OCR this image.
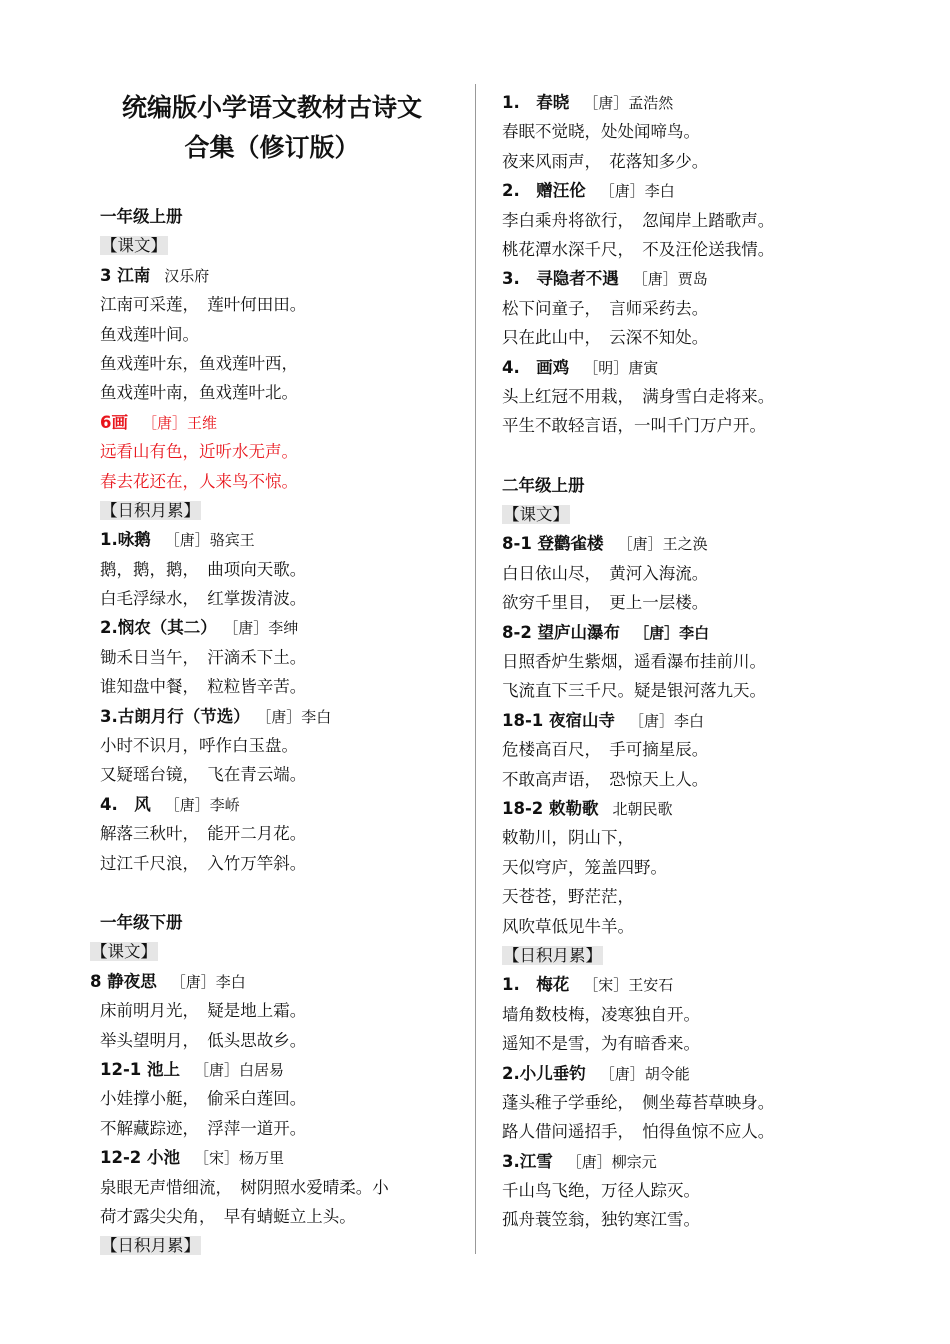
统编版小学语文教材古诗文
合集（修订版）
一年级上册
【课文】
3 江南 汉乐府
江南可采莲，　莲叶何田田。
鱼戏莲叶间。
鱼戏莲叶东，鱼戏莲叶西，
鱼戏莲叶南，鱼戏莲叶北。
6画 ［唐］王维
远看山有色，近听水无声。
春去花还在，人来鸟不惊。
【日积月累】
1.咏鹅 ［唐］骆宾王
鹅，鹅，鹅，　曲项向天歌。
白毛浮绿水，　红掌拨清波。
2.悯农（其二） ［唐］李绅
锄禾日当午，　汗滴禾下土。
谁知盘中餐，　粒粒皆辛苦。
3.古朗月行（节选） ［唐］李白
小时不识月，呼作白玉盘。
又疑瑶台镜，　飞在青云端。
4.　风 ［唐］李峤
解落三秋叶，　能开二月花。
过江千尺浪，　入竹万竿斜。
一年级下册
【课文】
8 静夜思 ［唐］李白
床前明月光，　疑是地上霜。
举头望明月，　低头思故乡。
12-1 池上 ［唐］白居易
小娃撑小艇，　偷采白莲回。
不解藏踪迹，　浮萍一道开。
12-2 小池 ［宋］杨万里
泉眼无声惜细流，　树阴照水爱晴柔。小
荷才露尖尖角，　早有蜻蜓立上头。
【日积月累】
1.　春晓 ［唐］孟浩然
春眠不觉晓，处处闻啼鸟。
夜来风雨声，　花落知多少。
2.　赠汪伦 ［唐］李白
李白乘舟将欲行，　忽闻岸上踏歌声。
桃花潭水深千尺，　不及汪伦送我情。
3.　寻隐者不遇 ［唐］贾岛
松下问童子，　言师采药去。
只在此山中，　云深不知处。
4.　画鸡 ［明］唐寅
头上红冠不用栽，　满身雪白走将来。
平生不敢轻言语，一叫千门万户开。
二年级上册
【课文】
8-1 登鹳雀楼 ［唐］王之涣
白日依山尽，　黄河入海流。
欲穷千里目，　更上一层楼。
8-2 望庐山瀑布 ［唐］李白
日照香炉生紫烟，遥看瀑布挂前川。
飞流直下三千尺。疑是银河落九天。
18-1 夜宿山寺 ［唐］李白
危楼高百尺，　手可摘星辰。
不敢高声语，　恐惊天上人。
18-2 敕勒歌 北朝民歌
敕勒川，阴山下，
天似穹庐，笼盖四野。
天苍苍，野茫茫，
风吹草低见牛羊。
【日积月累】
1.　梅花 ［宋］王安石
墙角数枝梅，凌寒独自开。
遥知不是雪，为有暗香来。
2.小儿垂钓 ［唐］胡令能
蓬头稚子学垂纶，　侧坐莓苔草映身。
路人借问遥招手，　怕得鱼惊不应人。
3.江雪 ［唐］柳宗元
千山鸟飞绝，万径人踪灭。
孤舟蓑笠翁，独钓寒江雪。
